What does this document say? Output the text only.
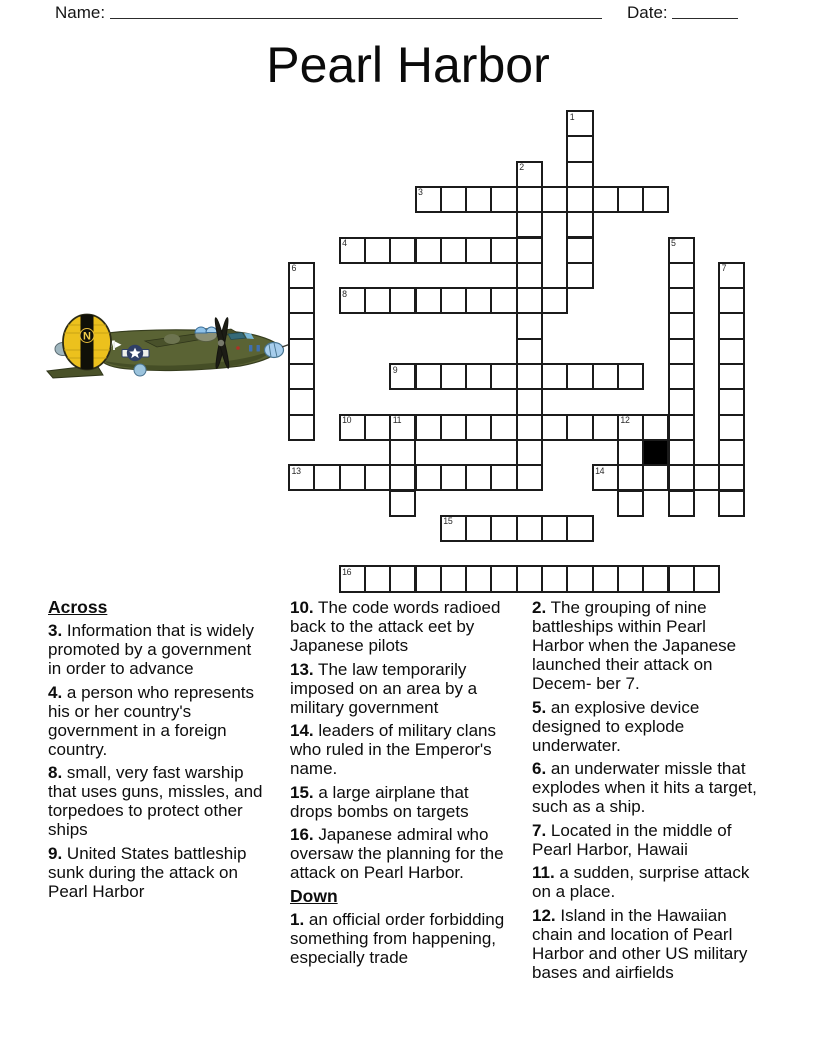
Name:	Date:
Pearl Harbor
N
1
2
3
4	5
6	7
8
9
10	11	12
13	14
15
16
Across
3. Information that is widely promoted by a government in order to advance
4. a person who represents his or her country's government in a foreign country.
8. small, very fast warship that uses guns, missles, and torpedoes to protect other ships
9. United States battleship sunk during the attack on Pearl Harbor
10. The code words radioed back to the attack eet by Japanese pilots
13. The law temporarily imposed on an area by a military government
14. leaders of military clans who ruled in the Emperor's name.
15. a large airplane that drops bombs on targets
16. Japanese admiral who oversaw the planning for the attack on Pearl Harbor.
Down
1. an official order forbidding something from happening, especially trade
2. The grouping of nine battleships within Pearl Harbor when the Japanese launched their attack on Decem- ber 7.
5. an explosive device designed to explode underwater.
6. an underwater missle that explodes when it hits a target, such as a ship.
7. Located in the middle of Pearl Harbor, Hawaii
11. a sudden, surprise attack on a place.
12. Island in the Hawaiian chain and location of Pearl Harbor and other US military bases and airfields
